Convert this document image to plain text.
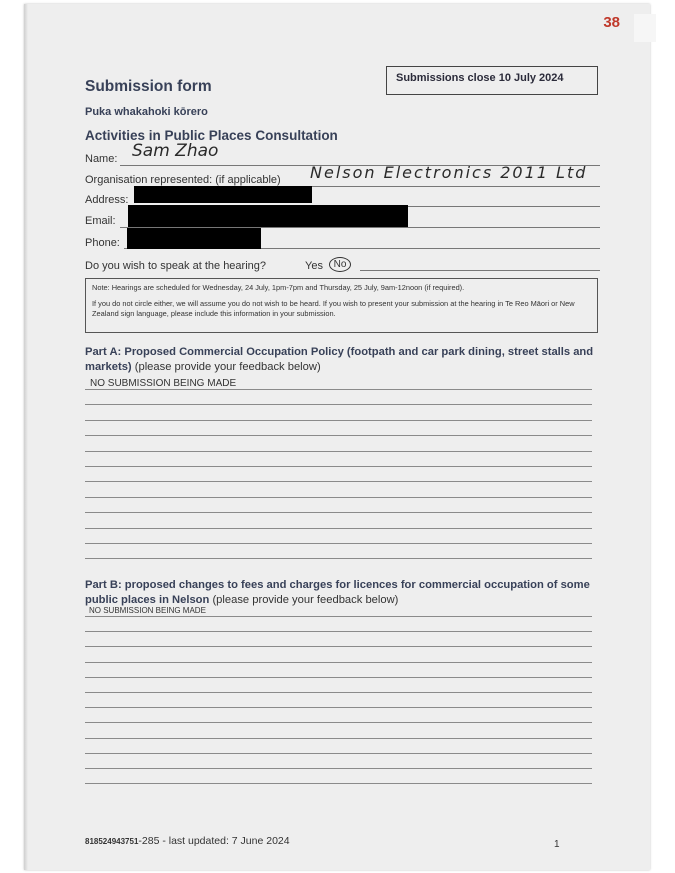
38
Submissions close 10 July 2024
Submission form
Puka whakahoki kōrero
Activities in Public Places Consultation
Name: Sam Zhao
Organisation represented: (if applicable) Nelson Electronics 2011 Ltd
Address:
Email:
Phone:
Do you wish to speak at the hearing?	Yes	No

Note: Hearings are scheduled for Wednesday, 24 July, 1pm-7pm and Thursday, 25 July, 9am-12noon (if required).

If you do not circle either, we will assume you do not wish to be heard. If you wish to present your submission at the hearing in Te Reo Māori or New Zealand sign language, please include this information in your submission.

Part A: Proposed Commercial Occupation Policy (footpath and car park dining, street stalls and markets) (please provide your feedback below)
NO SUBMISSION BEING MADE
Part B: proposed changes to fees and charges for licences for commercial occupation of some public places in Nelson (please provide your feedback below)
NO SUBMISSION BEING MADE
818524943751-285 - last updated: 7 June 2024	1
